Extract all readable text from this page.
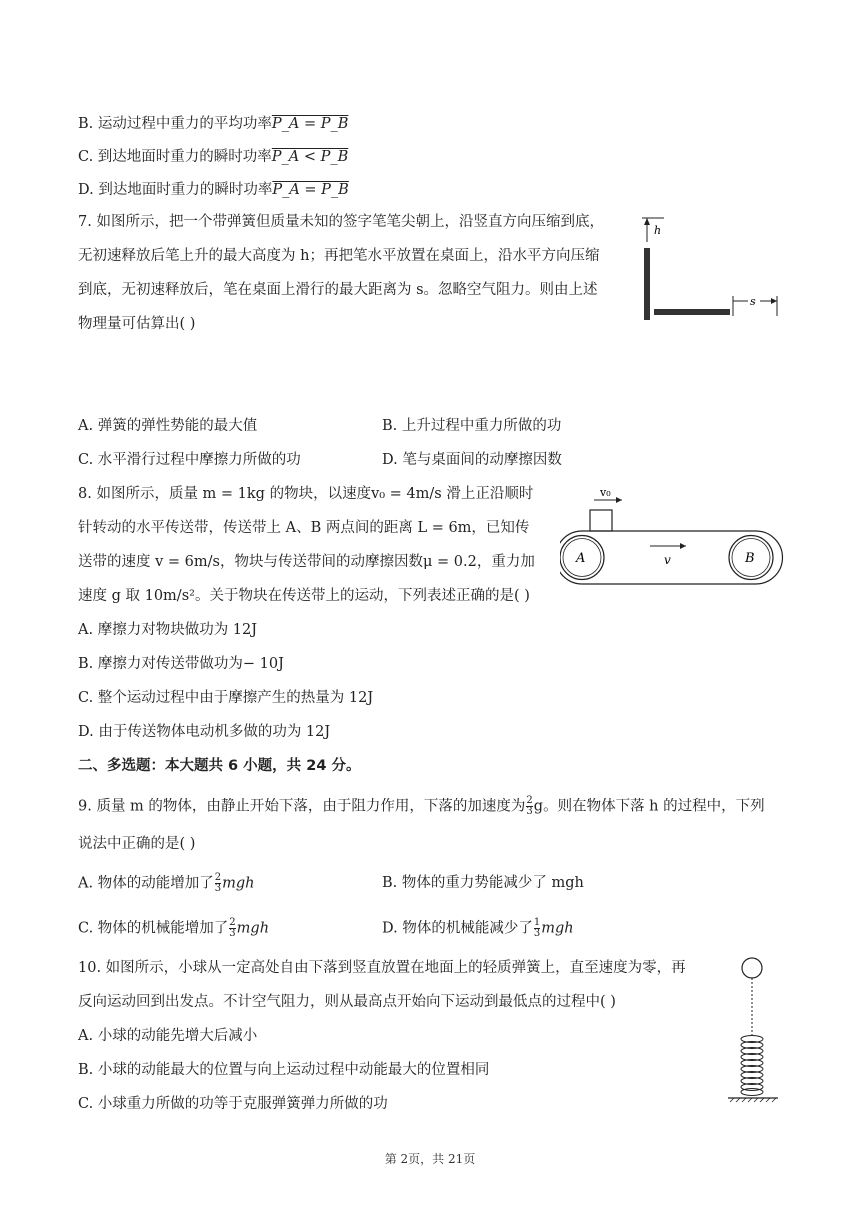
B. 运动过程中重力的平均功率P_A = P_B
C. 到达地面时重力的瞬时功率P_A < P_B
D. 到达地面时重力的瞬时功率P_A = P_B
7. 如图所示，把一个带弹簧但质量未知的签字笔笔尖朝上，沿竖直方向压缩到底，
无初速释放后笔上升的最大高度为 h；再把笔水平放置在桌面上，沿水平方向压缩
到底，无初速释放后，笔在桌面上滑行的最大距离为 s。忽略空气阻力。则由上述
物理量可估算出( )
h
s
A. 弹簧的弹性势能的最大值	B. 上升过程中重力所做的功
C. 水平滑行过程中摩擦力所做的功	D. 笔与桌面间的动摩擦因数
8. 如图所示，质量 m = 1kg 的物块，以速度v₀ = 4m/s 滑上正沿顺时
针转动的水平传送带，传送带上 A、B 两点间的距离 L = 6m，已知传
送带的速度 v = 6m/s，物块与传送带间的动摩擦因数μ = 0.2，重力加
速度 g 取 10m/s²。关于物块在传送带上的运动，下列表述正确的是( )
v₀
A	B
v
A. 摩擦力对物块做功为 12J
B. 摩擦力对传送带做功为− 10J
C. 整个运动过程中由于摩擦产生的热量为 12J
D. 由于传送物体电动机多做的功为 12J
二、多选题：本大题共 6 小题，共 24 分。
9. 质量 m 的物体，由静止开始下落，由于阻力作用，下落的加速度为 $\frac{2}{3}$ g。则在物体下落 h 的过程中，下列
说法中正确的是( )
A. 物体的动能增加了 $\frac{2}{3}$ mgh	B. 物体的重力势能减少了 mgh
C. 物体的机械能增加了 $\frac{2}{3}$ mgh	D. 物体的机械能减少了 $\frac{1}{3}$ mgh
10. 如图所示，小球从一定高处自由下落到竖直放置在地面上的轻质弹簧上，直至速度为零，再
反向运动回到出发点。不计空气阻力，则从最高点开始向下运动到最低点的过程中( )
A. 小球的动能先增大后减小
B. 小球的动能最大的位置与向上运动过程中动能最大的位置相同
C. 小球重力所做的功等于克服弹簧弹力所做的功
第 2页，共 21页
